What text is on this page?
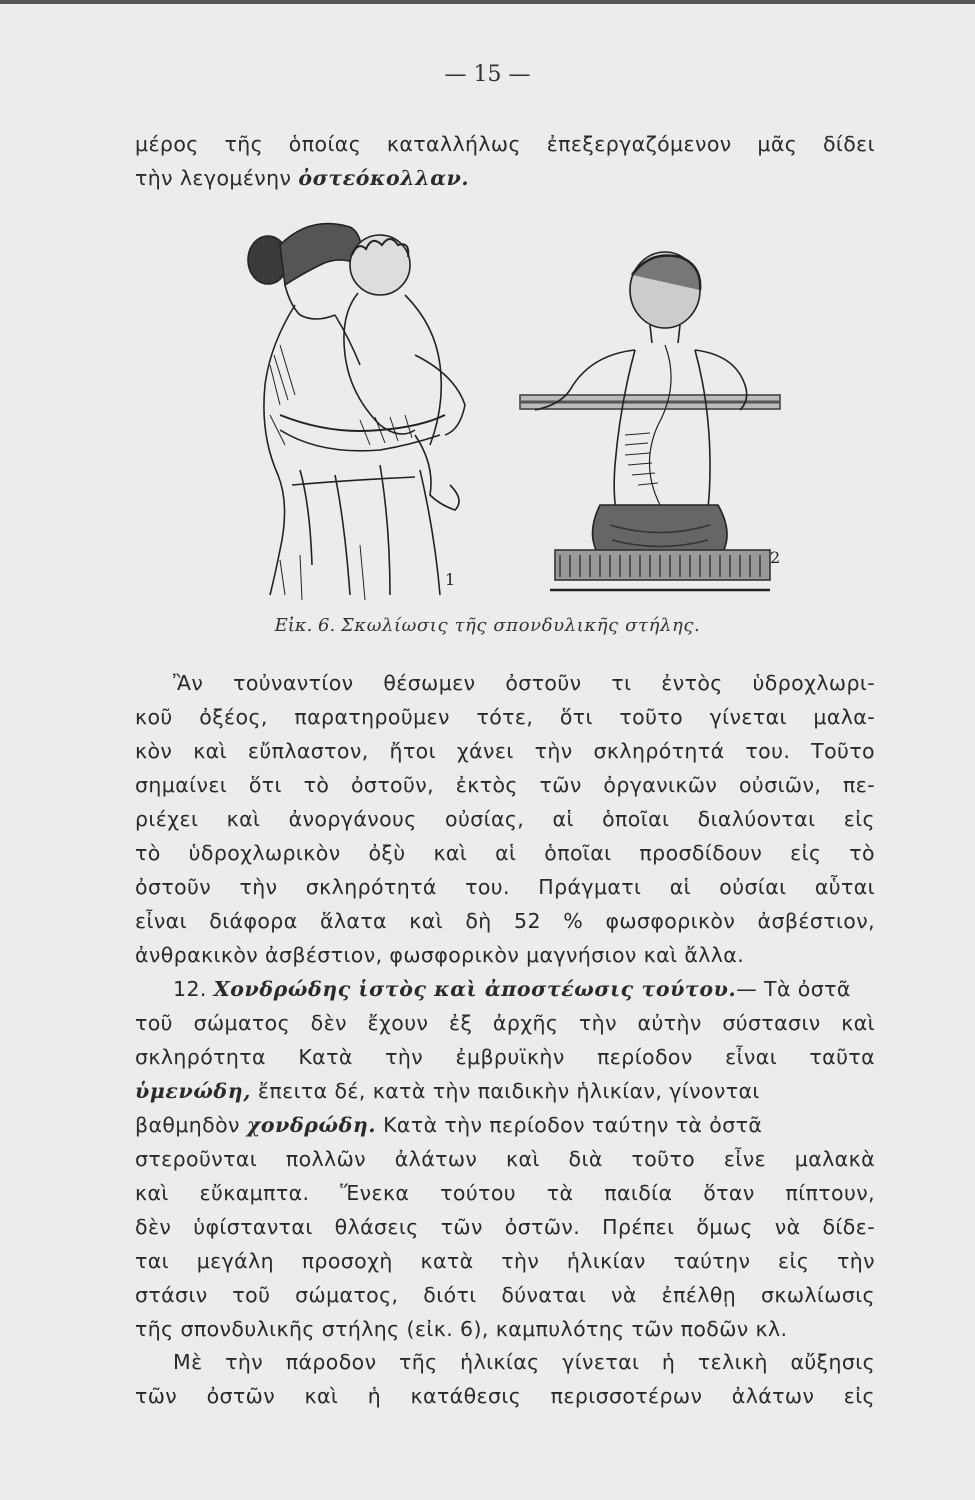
— 15 —
μέρος τῆς ὁποίας καταλλήλως ἐπεξεργαζόμενον μᾶς δίδει
τὴν λεγομένην ὀστεόκολλαν.
1
2
Εἰκ. 6. Σκωλίωσις τῆς σπονδυλικῆς στήλης.
Ἂν τοὐναντίον θέσωμεν ὀστοῦν τι ἐντὸς ὑδροχλωρι-
κοῦ ὀξέος, παρατηροῦμεν τότε, ὅτι τοῦτο γίνεται μαλα-
κὸν καὶ εὔπλαστον, ἤτοι χάνει τὴν σκληρότητά του. Τοῦτο
σημαίνει ὅτι τὸ ὀστοῦν, ἐκτὸς τῶν ὀργανικῶν οὐσιῶν, πε-
ριέχει καὶ ἀνοργάνους οὐσίας, αἱ ὁποῖαι διαλύονται εἰς
τὸ ὑδροχλωρικὸν ὀξὺ καὶ αἱ ὁποῖαι προσδίδουν εἰς τὸ
ὀστοῦν τὴν σκληρότητά του. Πράγματι αἱ οὐσίαι αὗται
εἶναι διάφορα ἅλατα καὶ δὴ 52 % φωσφορικὸν ἀσβέστιον,
ἀνθρακικὸν ἀσβέστιον, φωσφορικὸν μαγνήσιον καὶ ἄλλα.
12. Χονδρώδης ἱστὸς καὶ ἀποστέωσις τούτου.— Τὰ ὀστᾶ
τοῦ σώματος δὲν ἔχουν ἐξ ἀρχῆς τὴν αὐτὴν σύστασιν καὶ
σκληρότητα Κατὰ τὴν ἐμβρυϊκὴν περίοδον εἶναι ταῦτα
ὑμενώδη, ἔπειτα δέ, κατὰ τὴν παιδικὴν ἡλικίαν, γίνονται
βαθμηδὸν χονδρώδη. Κατὰ τὴν περίοδον ταύτην τὰ ὀστᾶ
στεροῦνται πολλῶν ἀλάτων καὶ διὰ τοῦτο εἶνε μαλακὰ
καὶ εὔκαμπτα. Ἕνεκα τούτου τὰ παιδία ὅταν πίπτουν,
δὲν ὑφίστανται θλάσεις τῶν ὀστῶν. Πρέπει ὅμως νὰ δίδε-
ται μεγάλη προσοχὴ κατὰ τὴν ἡλικίαν ταύτην εἰς τὴν
στάσιν τοῦ σώματος, διότι δύναται νὰ ἐπέλθῃ σκωλίωσις
τῆς σπονδυλικῆς στήλης (εἰκ. 6), καμπυλότης τῶν ποδῶν κλ.
Μὲ τὴν πάροδον τῆς ἡλικίας γίνεται ἡ τελικὴ αὔξησις
τῶν ὀστῶν καὶ ἡ κατάθεσις περισσοτέρων ἀλάτων εἰς
